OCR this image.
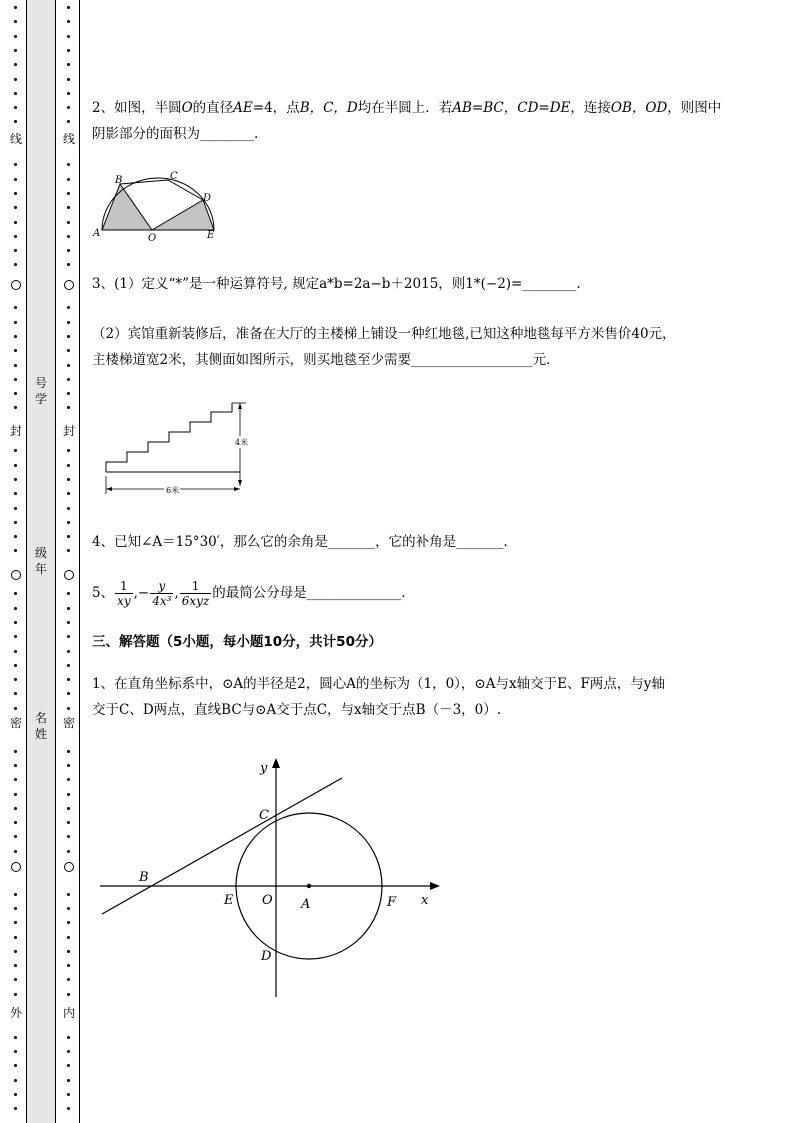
线
封
密
外
线
封
密
内
号学
级年
名姓
2、如图，半圆O的直径AE=4，点B，C，D均在半圆上．若AB=BC，CD=DE，连接OB，OD，则图中
阴影部分的面积为________.
A
B	C
D
E
O
3、(1）定义“*”是一种运算符号, 规定a*b=2a−b＋2015，则1*(−2)=________.
（2）宾馆重新装修后，准备在大厅的主楼梯上铺设一种红地毯,已知这种地毯每平方米售价40元，
主楼梯道宽2米，其侧面如图所示，则买地毯至少需要__________________元．
4米
6米
4、已知∠A＝15°30′，那么它的余角是_______，它的补角是_______.
5、 $\frac{1}{xy}$ ,− $\frac{y}{\text{4x³}}$ , $\frac{1}{\text{6xyz}}$ 的最简公分母是______________.
三、解答题（5小题，每小题10分，共计50分）
1、在直角坐标系中，⊙A的半径是2，圆心A的坐标为（1，0），⊙A与x轴交于E、F两点，与y轴
交于C、D两点，直线BC与⊙A交于点C，与x轴交于点B（－3，0）.
y
x
B
C
E O A	F
D
